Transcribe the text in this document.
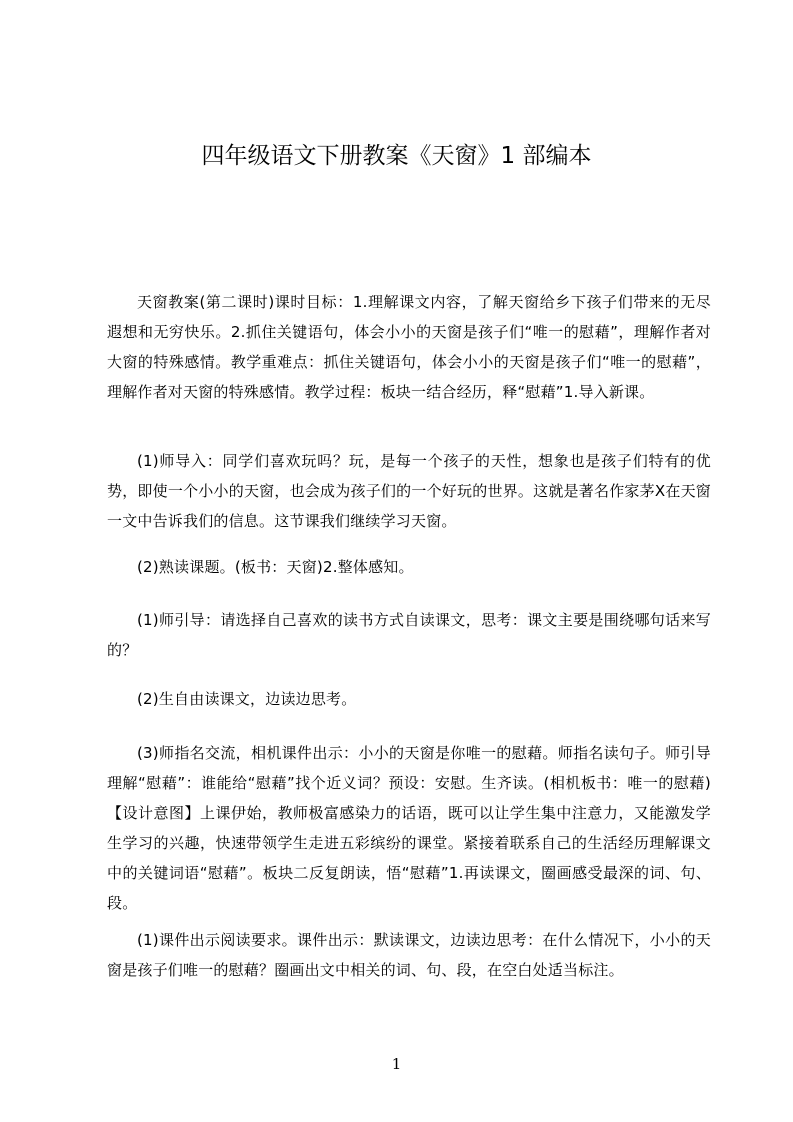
四年级语文下册教案《天窗》1 部编本

天窗教案(第二课时)课时目标：1.理解课文内容，了解天窗给乡下孩子们带来的无尽遐想和无穷快乐。2.抓住关键语句，体会小小的天窗是孩子们“唯一的慰藉”，理解作者对大窗的特殊感情。教学重难点：抓住关键语句，体会小小的天窗是孩子们“唯一的慰藉”，理解作者对天窗的特殊感情。教学过程：板块一结合经历，释“慰藉”1.导入新课。

(1)师导入：同学们喜欢玩吗？玩，是每一个孩子的天性，想象也是孩子们特有的优势，即使一个小小的天窗，也会成为孩子们的一个好玩的世界。这就是著名作家茅X在天窗一文中告诉我们的信息。这节课我们继续学习天窗。

(2)熟读课题。(板书：天窗)2.整体感知。

(1)师引导：请选择自己喜欢的读书方式自读课文，思考：课文主要是围绕哪句话来写的？

(2)生自由读课文，边读边思考。

(3)师指名交流，相机课件出示：小小的天窗是你唯一的慰藉。师指名读句子。师引导理解“慰藉”：谁能给“慰藉”找个近义词？预设：安慰。生齐读。(相机板书：唯一的慰藉)【设计意图】上课伊始，教师极富感染力的话语，既可以让学生集中注意力，又能激发学生学习的兴趣，快速带领学生走进五彩缤纷的课堂。紧接着联系自己的生活经历理解课文中的关键词语“慰藉”。板块二反复朗读，悟“慰藉”1.再读课文，圈画感受最深的词、句、段。

(1)课件出示阅读要求。课件出示：默读课文，边读边思考：在什么情况下，小小的天窗是孩子们唯一的慰藉？圈画出文中相关的词、句、段，在空白处适当标注。

1
